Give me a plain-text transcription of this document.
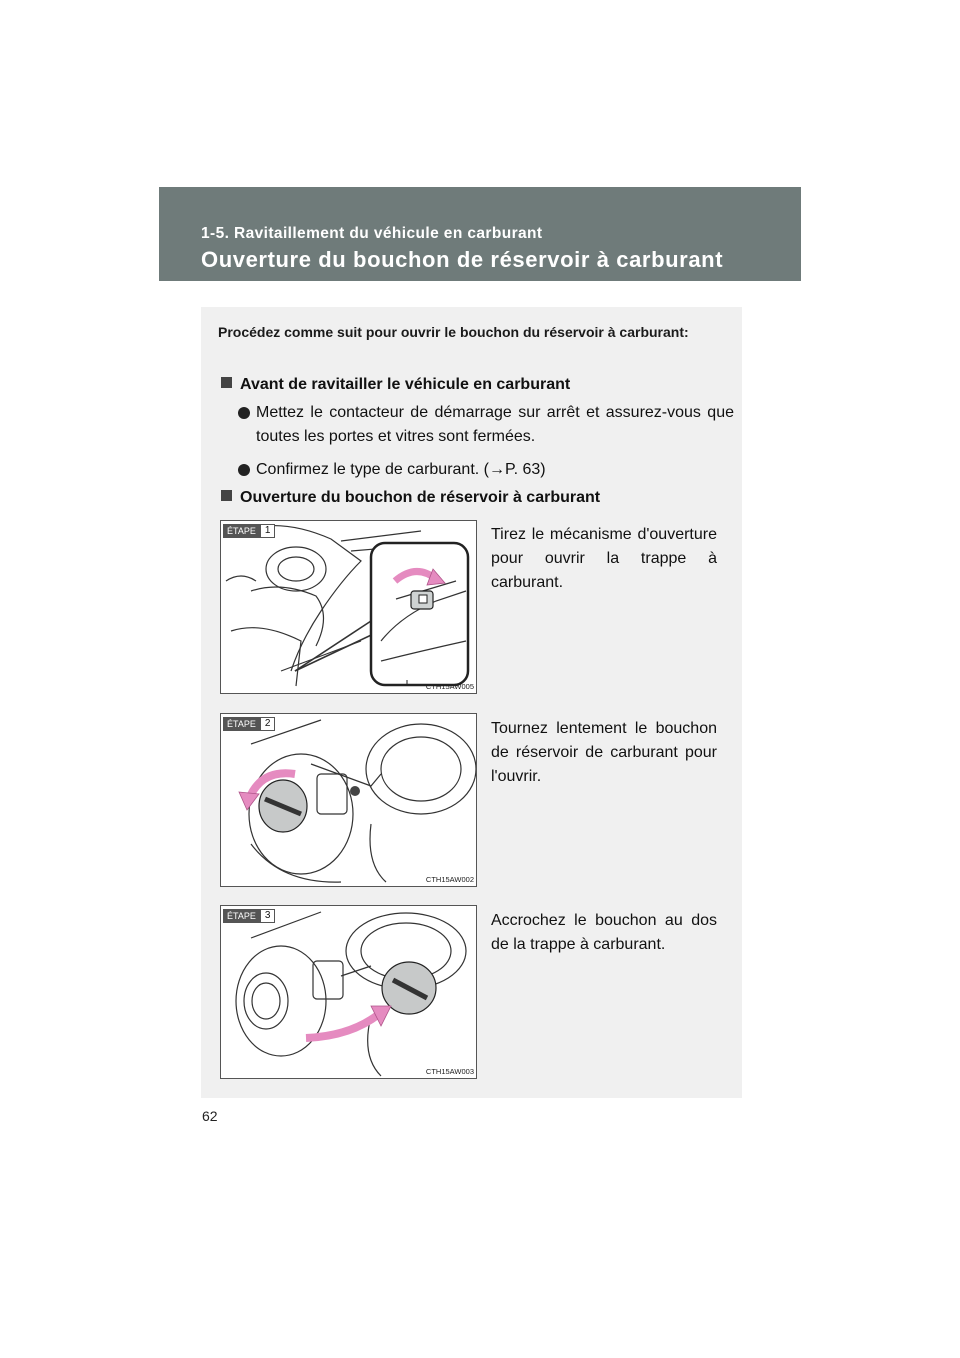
1-5. Ravitaillement du véhicule en carburant
Ouverture du bouchon de réservoir à carburant
Procédez comme suit pour ouvrir le bouchon du réservoir à carburant:
Avant de ravitailler le véhicule en carburant
Mettez le contacteur de démarrage sur arrêt et assurez-vous que toutes les portes et vitres sont fermées.
Confirmez le type de carburant. (→P. 63)
Ouverture du bouchon de réservoir à carburant
ÉTAPE 1
CTH15AW005
Tirez le mécanisme d'ouverture pour ouvrir la trappe à carburant.
ÉTAPE 2
CTH15AW002
Tournez lentement le bouchon de réservoir de carburant pour l'ouvrir.
ÉTAPE 3
CTH15AW003
Accrochez le bouchon au dos de la trappe à carburant.
62
